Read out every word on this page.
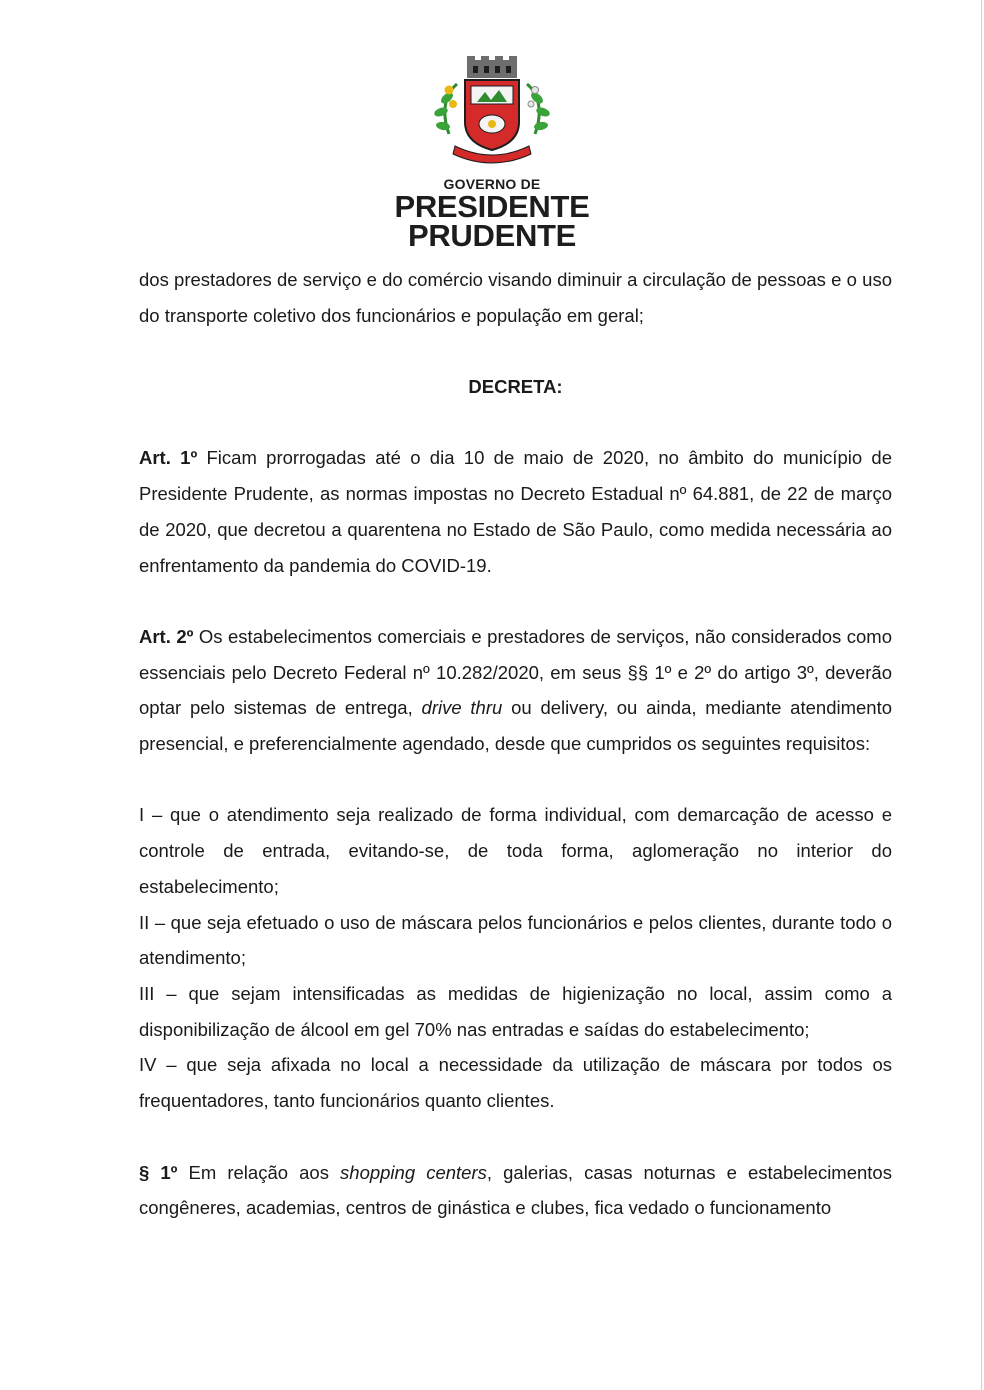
GOVERNO DE
PRESIDENTE
PRUDENTE

dos prestadores de serviço e do comércio visando diminuir a circulação de pessoas e o uso do transporte coletivo dos funcionários e população em geral;

DECRETA:

Art. 1º Ficam prorrogadas até o dia 10 de maio de 2020, no âmbito do município de Presidente Prudente, as normas impostas no Decreto Estadual nº 64.881, de 22 de março de 2020, que decretou a quarentena no Estado de São Paulo, como medida necessária ao enfrentamento da pandemia do COVID-19.

Art. 2º Os estabelecimentos comerciais e prestadores de serviços, não considerados como essenciais pelo Decreto Federal nº 10.282/2020, em seus §§ 1º e 2º do artigo 3º, deverão optar pelo sistemas de entrega, drive thru ou delivery, ou ainda, mediante atendimento presencial, e preferencialmente agendado, desde que cumpridos os seguintes requisitos:

I – que o atendimento seja realizado de forma individual, com demarcação de acesso e controle de entrada, evitando-se, de toda forma, aglomeração no interior do estabelecimento;

II – que seja efetuado o uso de máscara pelos funcionários e pelos clientes, durante todo o atendimento;

III – que sejam intensificadas as medidas de higienização no local, assim como a disponibilização de álcool em gel 70% nas entradas e saídas do estabelecimento;

IV – que seja afixada no local a necessidade da utilização de máscara por todos os frequentadores, tanto funcionários quanto clientes.

§ 1º Em relação aos shopping centers, galerias, casas noturnas e estabelecimentos congêneres, academias, centros de ginástica e clubes, fica vedado o funcionamento
